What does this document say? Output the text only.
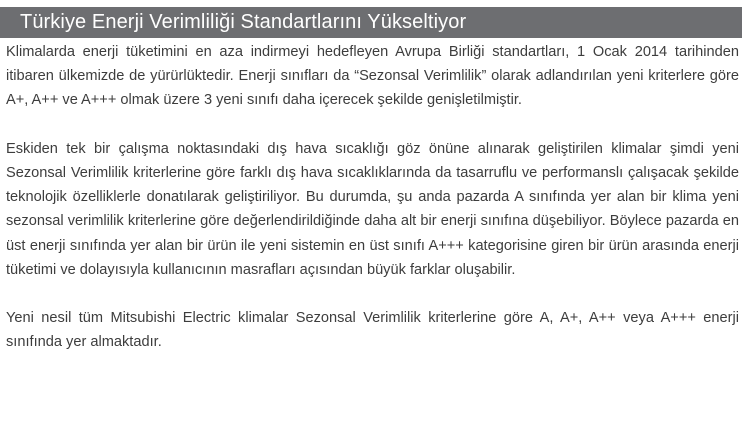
Türkiye Enerji Verimliliği Standartlarını Yükseltiyor

Klimalarda enerji tüketimini en aza indirmeyi hedefleyen Avrupa Birliği standartları, 1 Ocak 2014 tarihinden itibaren ülkemizde de yürürlüktedir. Enerji sınıfları da “Sezonsal Verimlilik” olarak adlandırılan yeni kriterlere göre A+, A++ ve A+++ olmak üzere 3 yeni sınıfı daha içerecek şekilde genişletilmiştir.

Eskiden tek bir çalışma noktasındaki dış hava sıcaklığı göz önüne alınarak geliştirilen klimalar şimdi yeni Sezonsal Verimlilik kriterlerine göre farklı dış hava sıcaklıklarında da tasarruflu ve performanslı çalışacak şekilde teknolojik özelliklerle donatılarak geliştiriliyor. Bu durumda, şu anda pazarda A sınıfında yer alan bir klima yeni sezonsal verimlilik kriterlerine göre değerlendirildiğinde daha alt bir enerji sınıfına düşebiliyor. Böylece pazarda en üst enerji sınıfında yer alan bir ürün ile yeni sistemin en üst sınıfı A+++ kategorisine giren bir ürün arasında enerji tüketimi ve dolayısıyla kullanıcının masrafları açısından büyük farklar oluşabilir.

Yeni nesil tüm Mitsubishi Electric klimalar Sezonsal Verimlilik kriterlerine göre A, A+, A++ veya A+++ enerji sınıfında yer almaktadır.
